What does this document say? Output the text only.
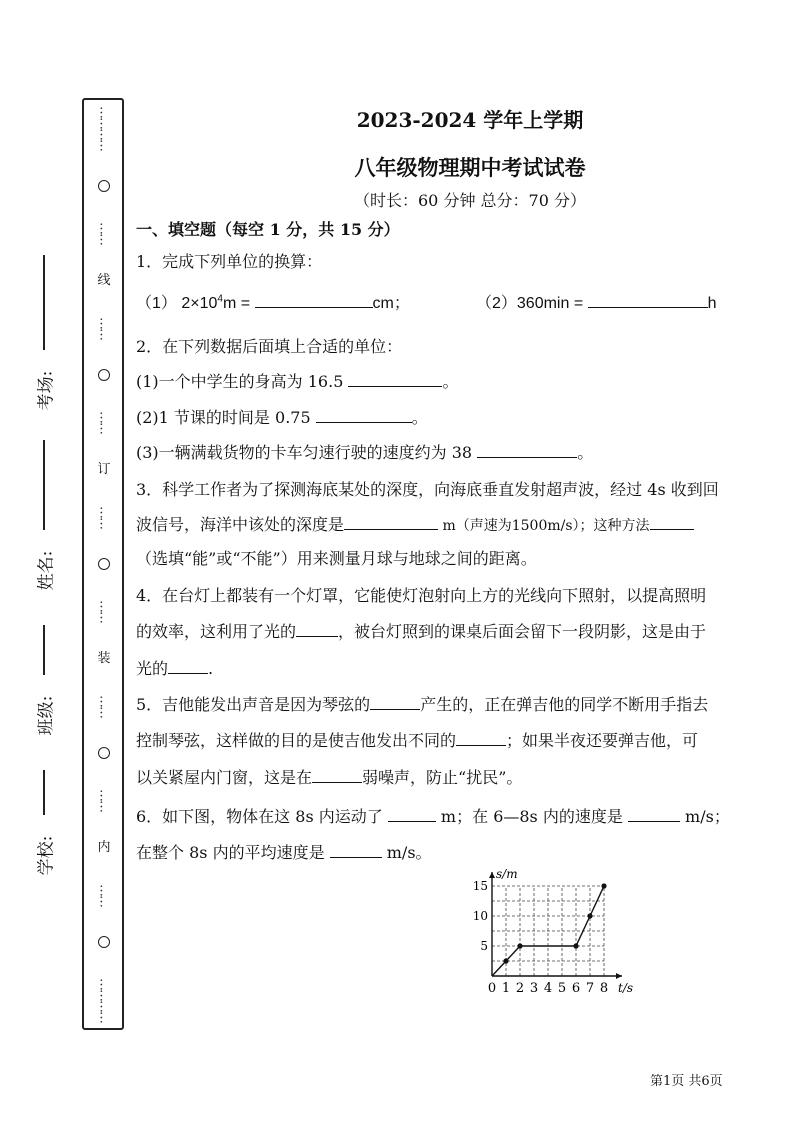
考场:
姓名:
班级:
学校:
…………
……
线
……
……
订
……
……
装
……
……
内
……
…………
2023-2024 学年上学期
八年级物理期中考试试卷
（时长：60 分钟 总分：70 分）
一、填空题（每空 1 分，共 15 分）
1．完成下列单位的换算：
（1） $2\times 10^4m$ =	cm；	（2）360min =	h
2．在下列数据后面填上合适的单位：
(1)一个中学生的身高为 16.5	。
(2)1 节课的时间是 0.75	。
(3)一辆满载货物的卡车匀速行驶的速度约为 38	。
3．科学工作者为了探测海底某处的深度，向海底垂直发射超声波，经过 4s 收到回
波信号，海洋中该处的深度是	m（声速为1500m/s）；这种方法
（选填“能”或“不能”）用来测量月球与地球之间的距离。
4．在台灯上都装有一个灯罩，它能使灯泡射向上方的光线向下照射，以提高照明
的效率，这利用了光的	，被台灯照到的课桌后面会留下一段阴影，这是由于
光的	.
5．吉他能发出声音是因为琴弦的	产生的，正在弹吉他的同学不断用手指去
控制琴弦，这样做的目的是使吉他发出不同的	；如果半夜还要弹吉他，可
以关紧屋内门窗，这是在	弱噪声，防止“扰民”。
6．如下图，物体在这 8s 内运动了	m；在 6—8s 内的速度是	m/s；
在整个 8s 内的平均速度是	m/s。
0 1 2 3 4 5 6 7 8
5
10
15
t/s
s/m
第1页 共6页
